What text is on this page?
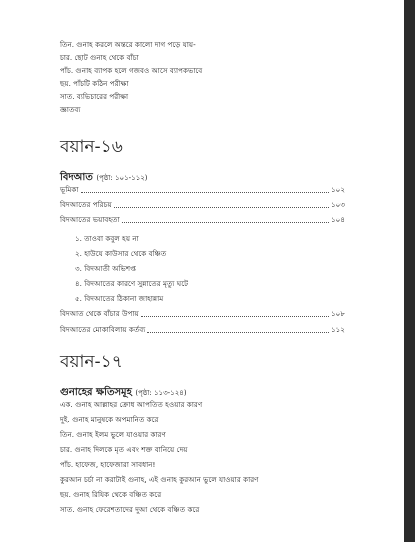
তিন. গুনাহ করলে অন্তরে কালো দাগ পড়ে যায়-
চার. ছোট গুনাহ থেকে বাঁচা
পাঁচ. গুনাহ ব্যাপক হলে গজবও আসে ব্যাপকভাবে
ছয়. পাঁচটি কঠিন পরীক্ষা
সাত. ব্যভিচারের পরীক্ষা
জ্ঞাতব্য
বয়ান-১৬
বিদআত (পৃষ্ঠা: ১০১-১১২)
ভূমিকা	১০২
বিদআতের পরিচয়	১০৩
বিদআতের ভয়াবহতা	১০৪
১. তাওবা কবুল হয় না
২. হাউযে কাউসার থেকে বঞ্চিত
৩. বিদআতী অভিশপ্ত
৪. বিদআতের কারণে সুন্নাতের মৃত্যু ঘটে
৫. বিদআতের ঠিকানা জাহান্নাম
বিদআত থেকে বাঁচার উপায়	১০৮
বিদআতের মোকাবিলায় কর্তব্য	১১২
বয়ান-১৭
গুনাহের ক্ষতিসমূহ (পৃষ্ঠা: ১১৩-১২৪)
এক. গুনাহ আল্লাহর ক্রোধ আপতিত হওয়ার কারণ
দুই. গুনাহ মানুষকে অপমানিত করে
তিন. গুনাহ ইলম ভুলে যাওয়ার কারণ
চার. গুনাহ দিলকে মৃত এবং শক্ত বানিয়ে দেয়
পাঁচ. হাফেজ, হাফেজারা সাবধান!
কুরআন চর্চা না করাটাই গুনাহ, এই গুনাহ কুরআন ভুলে যাওয়ার কারণ
ছয়. গুনাহ রিযিক থেকে বঞ্চিত করে
সাত. গুনাহ ফেরেশতাদের দুআ থেকে বঞ্চিত করে
